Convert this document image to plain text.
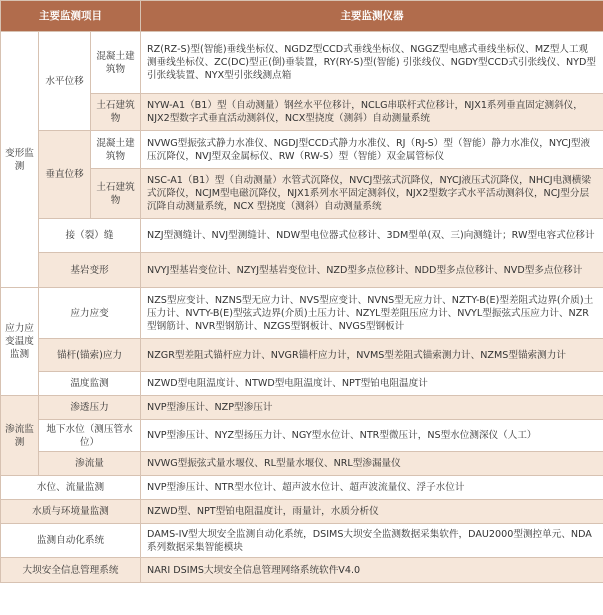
主要监测项目			主要监测仪器
变形监测	水平位移	混凝土建筑物	RZ(RZ-S)型(智能)垂线坐标仪、NGDZ型CCD式垂线坐标仪、NGGZ型电感式垂线坐标仪、MZ型人工观测垂线坐标仪、ZC(DC)型正(倒)垂装置，RY(RY-S)型(智能) 引张线仪、NGDY型CCD式引张线仪、NYD型引张线装置、NYX型引张线测点箱
		土石建筑物	NYW-A1（B1）型（自动测量）钢丝水平位移计，NCLG串联杆式位移计，NJX1系列垂直固定测斜仪，NJX2型数字式垂直活动测斜仪，NCX型挠度（测斜）自动测量系统
	垂直位移	混凝土建筑物	NVWG型振弦式静力水准仪、NGDJ型CCD式静力水准仪、RJ（RJ-S）型（智能）静力水准仪，NYCJ型液压沉降仪，NVJ型双金属标仪、RW（RW-S）型（智能）双金属管标仪
		土石建筑物	NSC-A1（B1）型（自动测量）水管式沉降仪，NVCJ型弦式沉降仪，NYCJ液压式沉降仪，NHCJ电测横梁式沉降仪，NCJM型电磁沉降仪，NJX1系列水平固定测斜仪，NJX2型数字式水平活动测斜仪，NCJ型分层沉降自动测量系统，NCX 型挠度（测斜）自动测量系统
	接（裂）缝		NZJ型测缝计、NVJ型测缝计、NDW型电位器式位移计、3DM型单(双、三)向测缝计；RW型电容式位移计
	基岩变形		NVYJ型基岩变位计、NZYJ型基岩变位计、NZD型多点位移计、NDD型多点位移计、NVD型多点位移计
应力应变温度监测	应力应变		NZS型应变计、NZNS型无应力计、NVS型应变计、NVNS型无应力计、NZTY-B(E)型差阻式边界(介质)土压力计、NVTY-B(E)型弦式边界(介质)土压力计、NZYL型差阻压应力计、NVYL型振弦式压应力计、NZR型钢筋计、NVR型钢筋计、NZGS型钢板计、NVGS型钢板计
	锚杆(锚索)应力		NZGR型差阻式锚杆应力计、NVGR锚杆应力计，NVMS型差阻式锚索测力计、NZMS型锚索测力计
	温度监测		NZWD型电阻温度计、NTWD型电阻温度计、NPT型铂电阻温度计
渗流监测	渗透压力		NVP型渗压计、NZP型渗压计
	地下水位（测压管水位）		NVP型渗压计、NYZ型扬压力计、NGY型水位计、NTR型微压计，NS型水位测深仪（人工）
	渗流量		NVWG型振弦式量水堰仪、RL型量水堰仪、NRL型渗漏量仪
水位、流量监测			NVP型渗压计、NTR型水位计、超声波水位计、超声波流量仪、浮子水位计
水质与环境量监测			NZWD型、NPT型铂电阻温度计，雨量计，水质分析仪
监测自动化系统			DAMS-IV型大坝安全监测自动化系统，DSIMS大坝安全监测数据采集软件，DAU2000型测控单元、NDA系列数据采集智能模块
大坝安全信息管理系统			NARI DSIMS大坝安全信息管理网络系统软件V4.0
